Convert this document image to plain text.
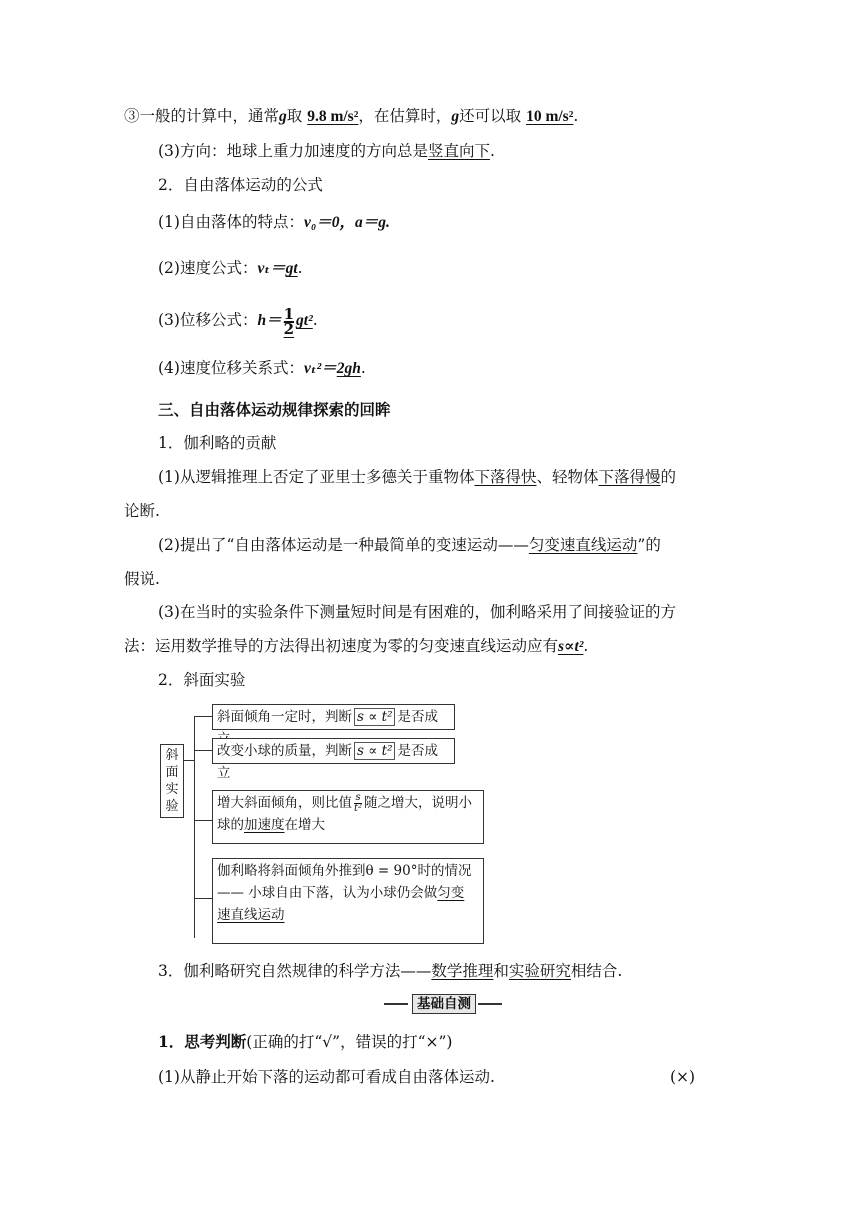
③一般的计算中，通常g取 9.8 m/s²，在估算时，g还可以取 10 m/s².
(3)方向：地球上重力加速度的方向总是竖直向下.
2．自由落体运动的公式
(1)自由落体的特点：v₀＝0，a＝g.
(2)速度公式：vₜ＝gt.
(3)位移公式：$h= \frac{1}{2} gt^2$.
(4)速度位移关系式：vₜ²＝2gh.
三、自由落体运动规律探索的回眸
1．伽利略的贡献
(1)从逻辑推理上否定了亚里士多德关于重物体下落得快、轻物体下落得慢的
论断.
(2)提出了“自由落体运动是一种最简单的变速运动——匀变速直线运动”的
假说.
(3)在当时的实验条件下测量短时间是有困难的，伽利略采用了间接验证的方
法：运用数学推导的方法得出初速度为零的匀变速直线运动应有s∝t².
2．斜面实验
斜
面
实
验
斜面倾角一定时，判断 s ∝ t² 是否成
改变小球的质量，判断 s ∝ t² 是否成立
增大斜面倾角，则比值 $\frac{s}{\text{t²}}$ 随之增大，说明小
球的加速度在增大
伽利略将斜面倾角外推到θ = 90°时的情况
—— 小球自由下落，认为小球仍会做匀变
速直线运动
3．伽利略研究自然规律的科学方法——数学推理和实验研究相结合.
基础自测
1．思考判断(正确的打“√”，错误的打“×”)
(1)从静止开始下落的运动都可看成自由落体运动.	(×)
